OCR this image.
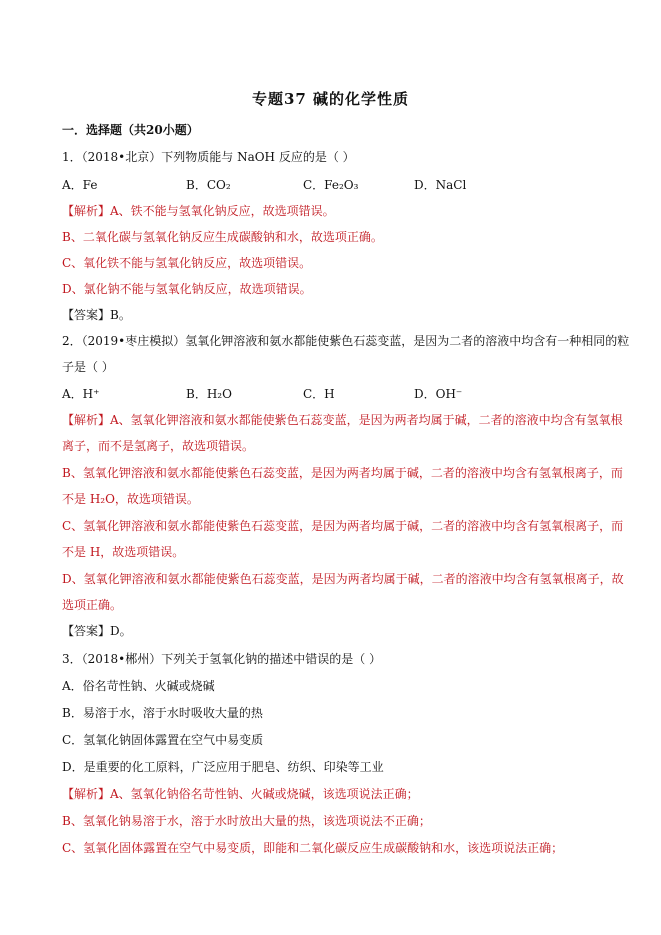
专题37 碱的化学性质
一．选择题（共20小题）
1．（2018•北京）下列物质能与 NaOH 反应的是（ ）
A．Fe	B．CO₂	C．Fe₂O₃	D．NaCl
【解析】A、铁不能与氢氧化钠反应，故选项错误。
B、二氧化碳与氢氧化钠反应生成碳酸钠和水，故选项正确。
C、氧化铁不能与氢氧化钠反应，故选项错误。
D、氯化钠不能与氢氧化钠反应，故选项错误。
【答案】B。
2．（2019•枣庄模拟）氢氧化钾溶液和氨水都能使紫色石蕊变蓝，是因为二者的溶液中均含有一种相同的粒
子是（ ）
A．H⁺	B．H₂O	C．H	D．OH⁻
【解析】A、氢氧化钾溶液和氨水都能使紫色石蕊变蓝，是因为两者均属于碱，二者的溶液中均含有氢氧根
离子，而不是氢离子，故选项错误。
B、氢氧化钾溶液和氨水都能使紫色石蕊变蓝，是因为两者均属于碱，二者的溶液中均含有氢氧根离子，而
不是 H₂O，故选项错误。
C、氢氧化钾溶液和氨水都能使紫色石蕊变蓝，是因为两者均属于碱，二者的溶液中均含有氢氧根离子，而
不是 H，故选项错误。
D、氢氧化钾溶液和氨水都能使紫色石蕊变蓝，是因为两者均属于碱，二者的溶液中均含有氢氧根离子，故
选项正确。
【答案】D。
3．（2018•郴州）下列关于氢氧化钠的描述中错误的是（ ）
A．俗名苛性钠、火碱或烧碱
B．易溶于水，溶于水时吸收大量的热
C．氢氧化钠固体露置在空气中易变质
D．是重要的化工原料，广泛应用于肥皂、纺织、印染等工业
【解析】A、氢氧化钠俗名苛性钠、火碱或烧碱，该选项说法正确；
B、氢氧化钠易溶于水，溶于水时放出大量的热，该选项说法不正确；
C、氢氧化固体露置在空气中易变质，即能和二氧化碳反应生成碳酸钠和水，该选项说法正确；
